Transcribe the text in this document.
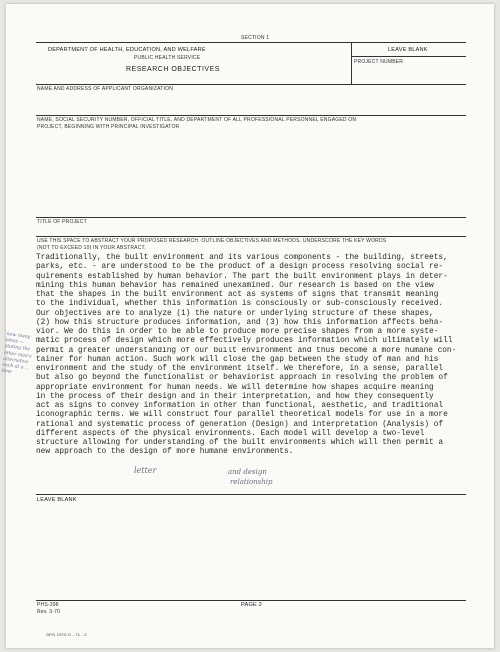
SECTION 1
DEPARTMENT OF HEALTH, EDUCATION, AND WELFARE
PUBLIC HEALTH SERVICE
RESEARCH OBJECTIVES
LEAVE BLANK
PROJECT NUMBER
NAME AND ADDRESS OF APPLICANT ORGANIZATION
NAME, SOCIAL SECURITY NUMBER, OFFICIAL TITLE, AND DEPARTMENT OF ALL PROFESSIONAL PERSONNEL ENGAGED ON
PROJECT, BEGINNING WITH PRINCIPAL INVESTIGATOR
TITLE OF PROJECT
USE THIS SPACE TO ABSTRACT YOUR PROPOSED RESEARCH. OUTLINE OBJECTIVES AND METHODS. UNDERSCORE THE KEY WORDS
(NOT TO EXCEED 10) IN YOUR ABSTRACT.
Traditionally, the built environment and its various components - the building, streets,
parks, etc. - are understood to be the product of a design process resolving social re-
quirements established by human behavior. The part the built environment plays in deter-
mining this human behavior has remained unexamined. Our research is based on the view
that the shapes in the built environment act as systems of signs that transmit meaning
to the individual, whether this information is consciously or sub-consciously received.
Our objectives are to analyze (1) the nature or underlying structure of these shapes,
(2) how this structure produces information, and (3) how this information affects beha-
vior. We do this in order to be able to produce more precise shapes from a more syste-
matic process of design which more effectively produces information which ultimately will
permit a greater understanding of our built environment and thus become a more humane con-
tainer for human action. Such work will close the gap between the study of man and his
environment and the study of the environment itself. We therefore, in a sense, parallel
but also go beyond the functionalist or behaviorist approach in resolving the problem of
appropriate environment for human needs. We will determine how shapes acquire meaning
in the process of their design and in their interpretation, and how they consequently
act as signs to convey information in other than functional, aesthetic, and traditional
iconographic terms. We will construct four parallel theoretical models for use in a more
rational and systematic process of generation (Design) and interpretation (Analysis) of
different aspects of the physical environments. Each model will develop a two-level
structure allowing for understanding of the built environments which will then permit a
new approach to the design of more humane environments.
how many ideas — stating the other man's alternative each at a ... time
letter	and design
relationship
LEAVE BLANK
PHS-398
Rev. 3-70
PAGE 2
GPO 1970 O - 71 - 2
